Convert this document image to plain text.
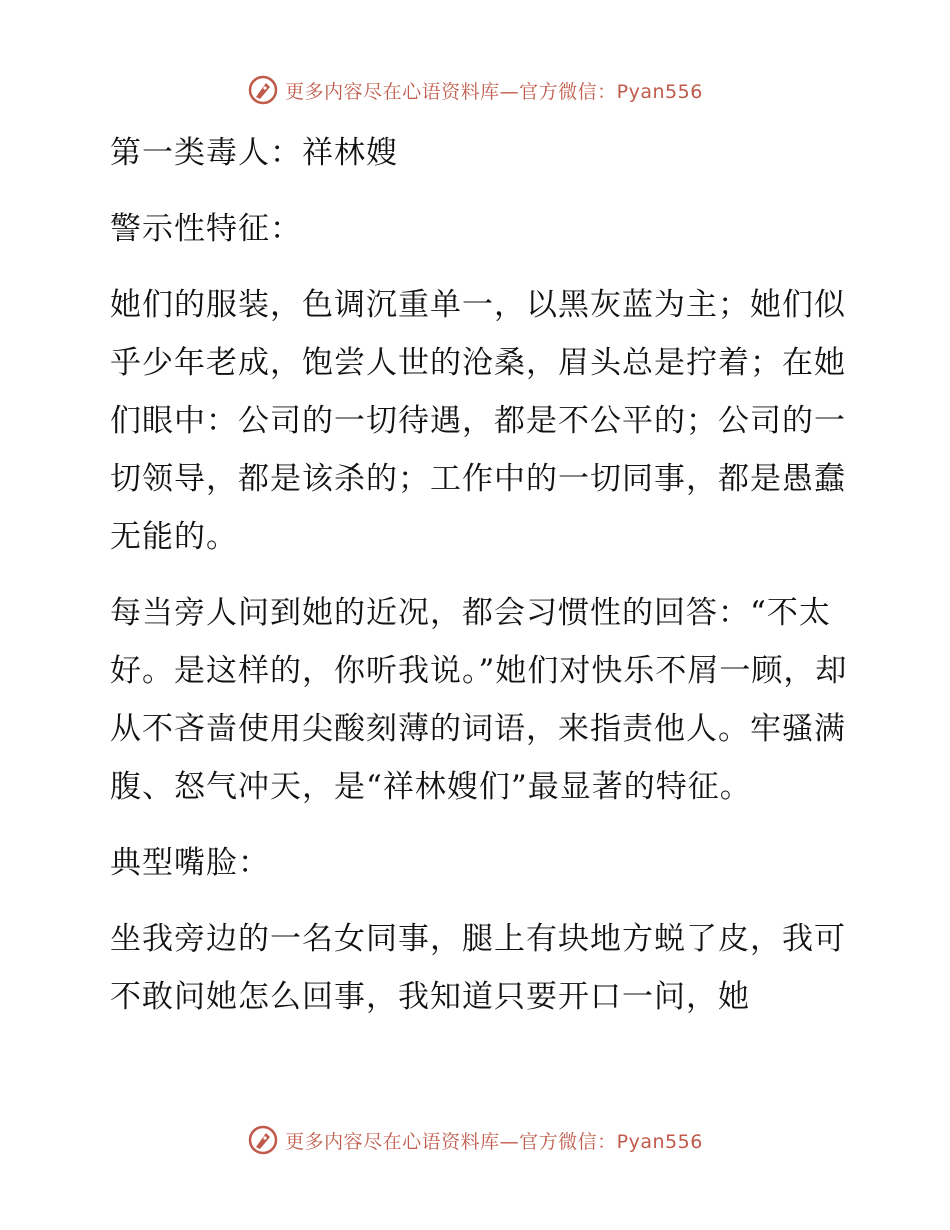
更多内容尽在心语资料库—官方微信：Pyan556

第一类毒人：祥林嫂

警示性特征：

她们的服装，色调沉重单一，以黑灰蓝为主；她们似乎少年老成，饱尝人世的沧桑，眉头总是拧着；在她们眼中：公司的一切待遇，都是不公平的；公司的一切领导，都是该杀的；工作中的一切同事，都是愚蠢无能的。

每当旁人问到她的近况，都会习惯性的回答：“不太好。是这样的，你听我说。”她们对快乐不屑一顾，却从不吝啬使用尖酸刻薄的词语，来指责他人。牢骚满腹、怒气冲天，是“祥林嫂们”最显著的特征。

典型嘴脸：

坐我旁边的一名女同事，腿上有块地方蜕了皮，我可不敢问她怎么回事，我知道只要开口一问，她

更多内容尽在心语资料库—官方微信：Pyan556
